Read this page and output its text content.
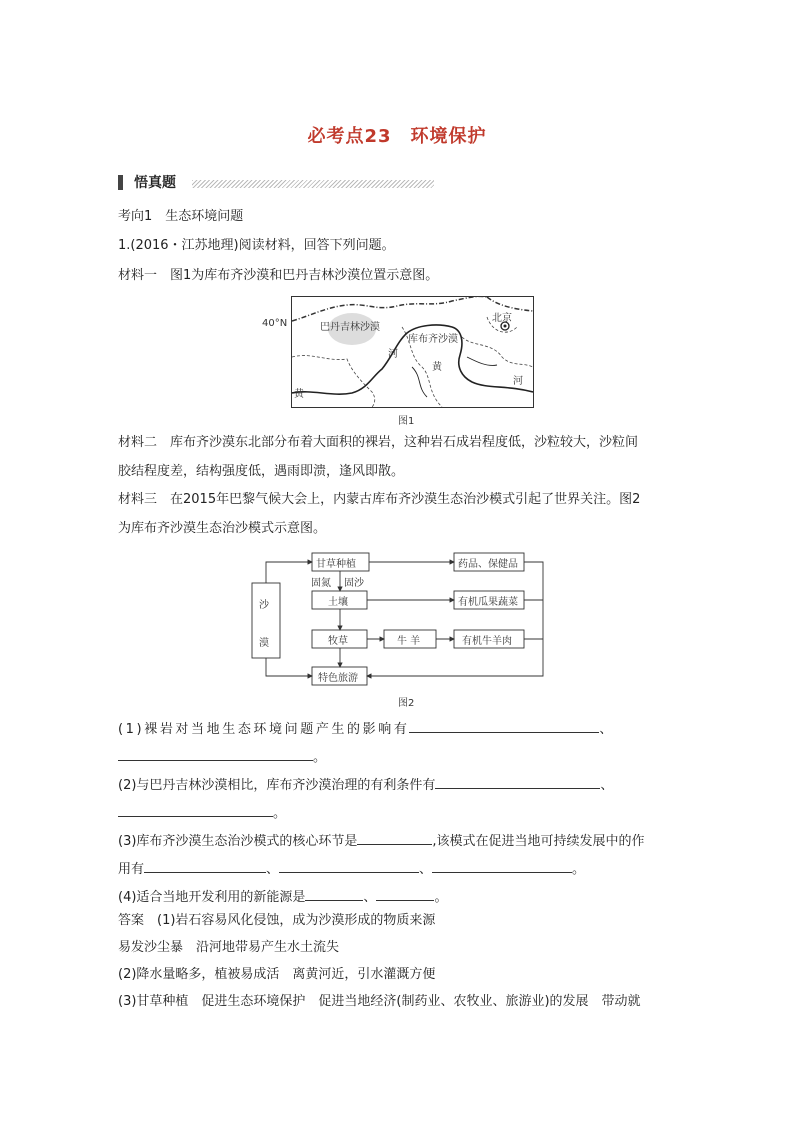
必考点23　环境保护
悟真题
考向1　生态环境问题
1.(2016・江苏地理)阅读材料，回答下列问题。
材料一　图1为库布齐沙漠和巴丹吉林沙漠位置示意图。
40°N	巴丹吉林沙漠
库布齐沙漠
北京
河
黄
黄
河
图1
材料二　库布齐沙漠东北部分布着大面积的裸岩，这种岩石成岩程度低，沙粒较大，沙粒间
胶结程度差，结构强度低，遇雨即溃，逢风即散。
材料三　在2015年巴黎气候大会上，内蒙古库布齐沙漠生态治沙模式引起了世界关注。图2
为库布齐沙漠生态治沙模式示意图。
沙
漠
甘草种植
固氮 固沙
土壤
牧草	牛 羊
特色旅游
药品、保健品
有机瓜果蔬菜
有机牛羊肉
图2
(1)裸岩对当地生态环境问题产生的影响有	、
。
(2)与巴丹吉林沙漠相比，库布齐沙漠治理的有利条件有	、
。
(3)库布齐沙漠生态治沙模式的核心环节是	,该模式在促进当地可持续发展中的作
用有	、	、	。
(4)适合当地开发利用的新能源是	、	。
答案　(1)岩石容易风化侵蚀，成为沙漠形成的物质来源
易发沙尘暴　沿河地带易产生水土流失
(2)降水量略多，植被易成活　离黄河近，引水灌溉方便
(3)甘草种植　促进生态环境保护　促进当地经济(制药业、农牧业、旅游业)的发展　带动就
